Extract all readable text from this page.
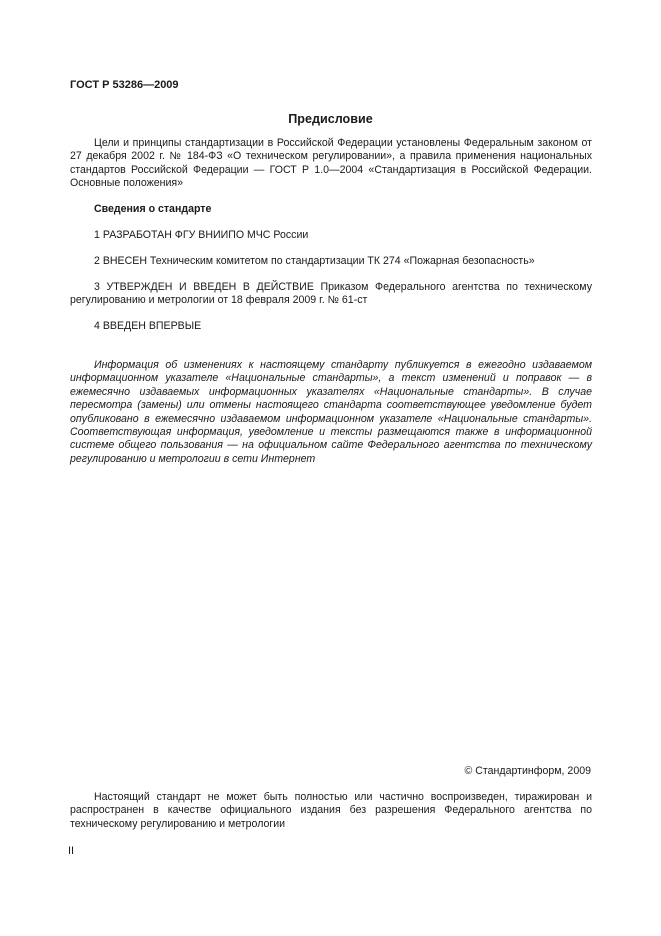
ГОСТ Р 53286—2009
Предисловие
Цели и принципы стандартизации в Российской Федерации установлены Федеральным законом от 27 декабря 2002 г. № 184-ФЗ «О техническом регулировании», а правила применения национальных стандартов Российской Федерации — ГОСТ Р 1.0—2004 «Стандартизация в Российской Федерации. Основные положения»
Сведения о стандарте
1 РАЗРАБОТАН ФГУ ВНИИПО МЧС России
2 ВНЕСЕН Техническим комитетом по стандартизации ТК 274 «Пожарная безопасность»
3 УТВЕРЖДЕН И ВВЕДЕН В ДЕЙСТВИЕ Приказом Федерального агентства по техническому регулированию и метрологии от 18 февраля 2009 г. № 61-ст
4 ВВЕДЕН ВПЕРВЫЕ
Информация об изменениях к настоящему стандарту публикуется в ежегодно издаваемом информационном указателе «Национальные стандарты», а текст изменений и поправок — в ежемесячно издаваемых информационных указателях «Национальные стандарты». В случае пересмотра (замены) или отмены настоящего стандарта соответствующее уведомление будет опубликовано в ежемесячно издаваемом информационном указателе «Национальные стандарты». Соответствующая информация, уведомление и тексты размещаются также в информационной системе общего пользования — на официальном сайте Федерального агентства по техническому регулированию и метрологии в сети Интернет
© Стандартинформ, 2009
Настоящий стандарт не может быть полностью или частично воспроизведен, тиражирован и распространен в качестве официального издания без разрешения Федерального агентства по техническому регулированию и метрологии
II
